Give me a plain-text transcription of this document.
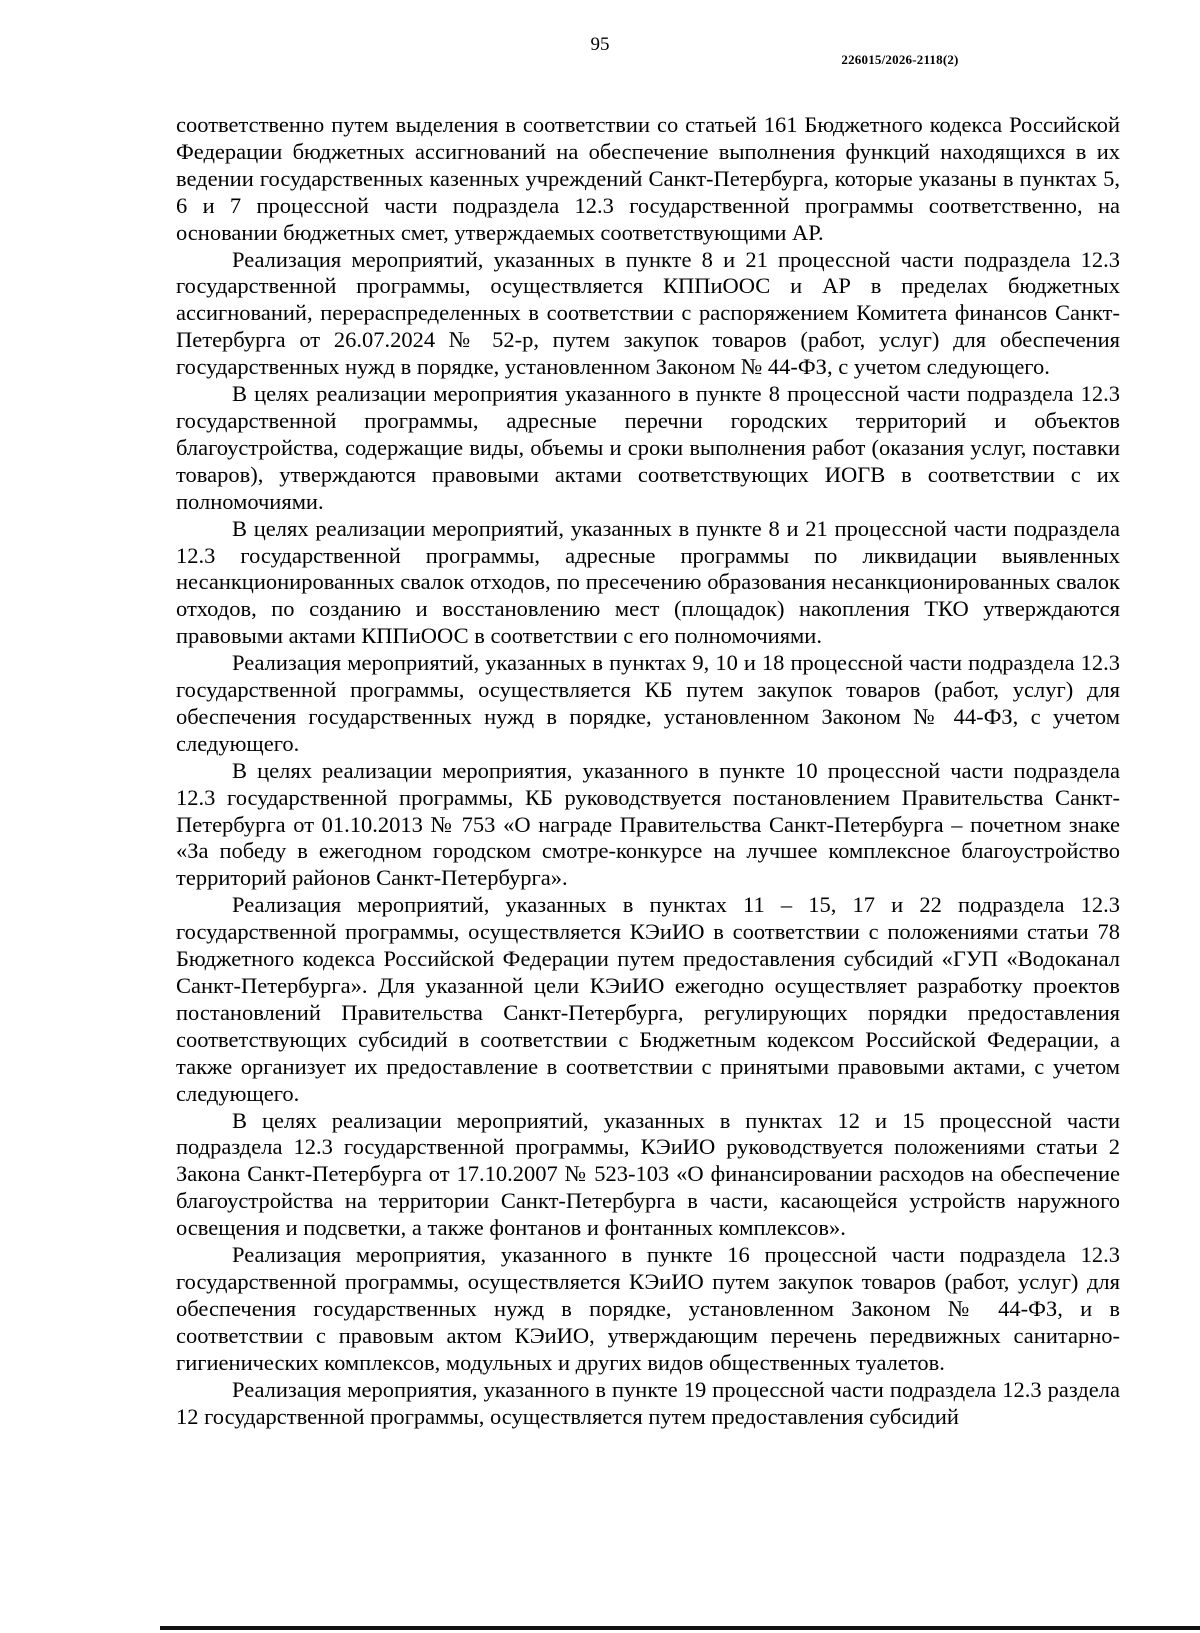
95
226015/2026-2118(2)

соответственно путем выделения в соответствии со статьей 161 Бюджетного кодекса Российской Федерации бюджетных ассигнований на обеспечение выполнения функций находящихся в их ведении государственных казенных учреждений Санкт-Петербурга, которые указаны в пунктах 5, 6 и 7 процессной части подраздела 12.3 государственной программы соответственно, на основании бюджетных смет, утверждаемых соответствующими АР.

Реализация мероприятий, указанных в пункте 8 и 21 процессной части подраздела 12.3 государственной программы, осуществляется КППиООС и АР в пределах бюджетных ассигнований, перераспределенных в соответствии с распоряжением Комитета финансов Санкт-Петербурга от 26.07.2024 № 52-р, путем закупок товаров (работ, услуг) для обеспечения государственных нужд в порядке, установленном Законом № 44-ФЗ, с учетом следующего.

В целях реализации мероприятия указанного в пункте 8 процессной части подраздела 12.3 государственной программы, адресные перечни городских территорий и объектов благоустройства, содержащие виды, объемы и сроки выполнения работ (оказания услуг, поставки товаров), утверждаются правовыми актами соответствующих ИОГВ в соответствии с их полномочиями.

В целях реализации мероприятий, указанных в пункте 8 и 21 процессной части подраздела 12.3 государственной программы, адресные программы по ликвидации выявленных несанкционированных свалок отходов, по пресечению образования несанкционированных свалок отходов, по созданию и восстановлению мест (площадок) накопления ТКО утверждаются правовыми актами КППиООС в соответствии с его полномочиями.

Реализация мероприятий, указанных в пунктах 9, 10 и 18 процессной части подраздела 12.3 государственной программы, осуществляется КБ путем закупок товаров (работ, услуг) для обеспечения государственных нужд в порядке, установленном Законом № 44-ФЗ, с учетом следующего.

В целях реализации мероприятия, указанного в пункте 10 процессной части подраздела 12.3 государственной программы, КБ руководствуется постановлением Правительства Санкт-Петербурга от 01.10.2013 № 753 «О награде Правительства Санкт-Петербурга – почетном знаке «За победу в ежегодном городском смотре-конкурсе на лучшее комплексное благоустройство территорий районов Санкт-Петербурга».

Реализация мероприятий, указанных в пунктах 11 – 15, 17 и 22 подраздела 12.3 государственной программы, осуществляется КЭиИО в соответствии с положениями статьи 78 Бюджетного кодекса Российской Федерации путем предоставления субсидий «ГУП «Водоканал Санкт-Петербурга». Для указанной цели КЭиИО ежегодно осуществляет разработку проектов постановлений Правительства Санкт-Петербурга, регулирующих порядки предоставления соответствующих субсидий в соответствии с Бюджетным кодексом Российской Федерации, а также организует их предоставление в соответствии с принятыми правовыми актами, с учетом следующего.

В целях реализации мероприятий, указанных в пунктах 12 и 15 процессной части подраздела 12.3 государственной программы, КЭиИО руководствуется положениями статьи 2 Закона Санкт-Петербурга от 17.10.2007 № 523-103 «О финансировании расходов на обеспечение благоустройства на территории Санкт-Петербурга в части, касающейся устройств наружного освещения и подсветки, а также фонтанов и фонтанных комплексов».

Реализация мероприятия, указанного в пункте 16 процессной части подраздела 12.3 государственной программы, осуществляется КЭиИО путем закупок товаров (работ, услуг) для обеспечения государственных нужд в порядке, установленном Законом № 44-ФЗ, и в соответствии с правовым актом КЭиИО, утверждающим перечень передвижных санитарно-гигиенических комплексов, модульных и других видов общественных туалетов.

Реализация мероприятия, указанного в пункте 19 процессной части подраздела 12.3 раздела 12 государственной программы, осуществляется путем предоставления субсидий
